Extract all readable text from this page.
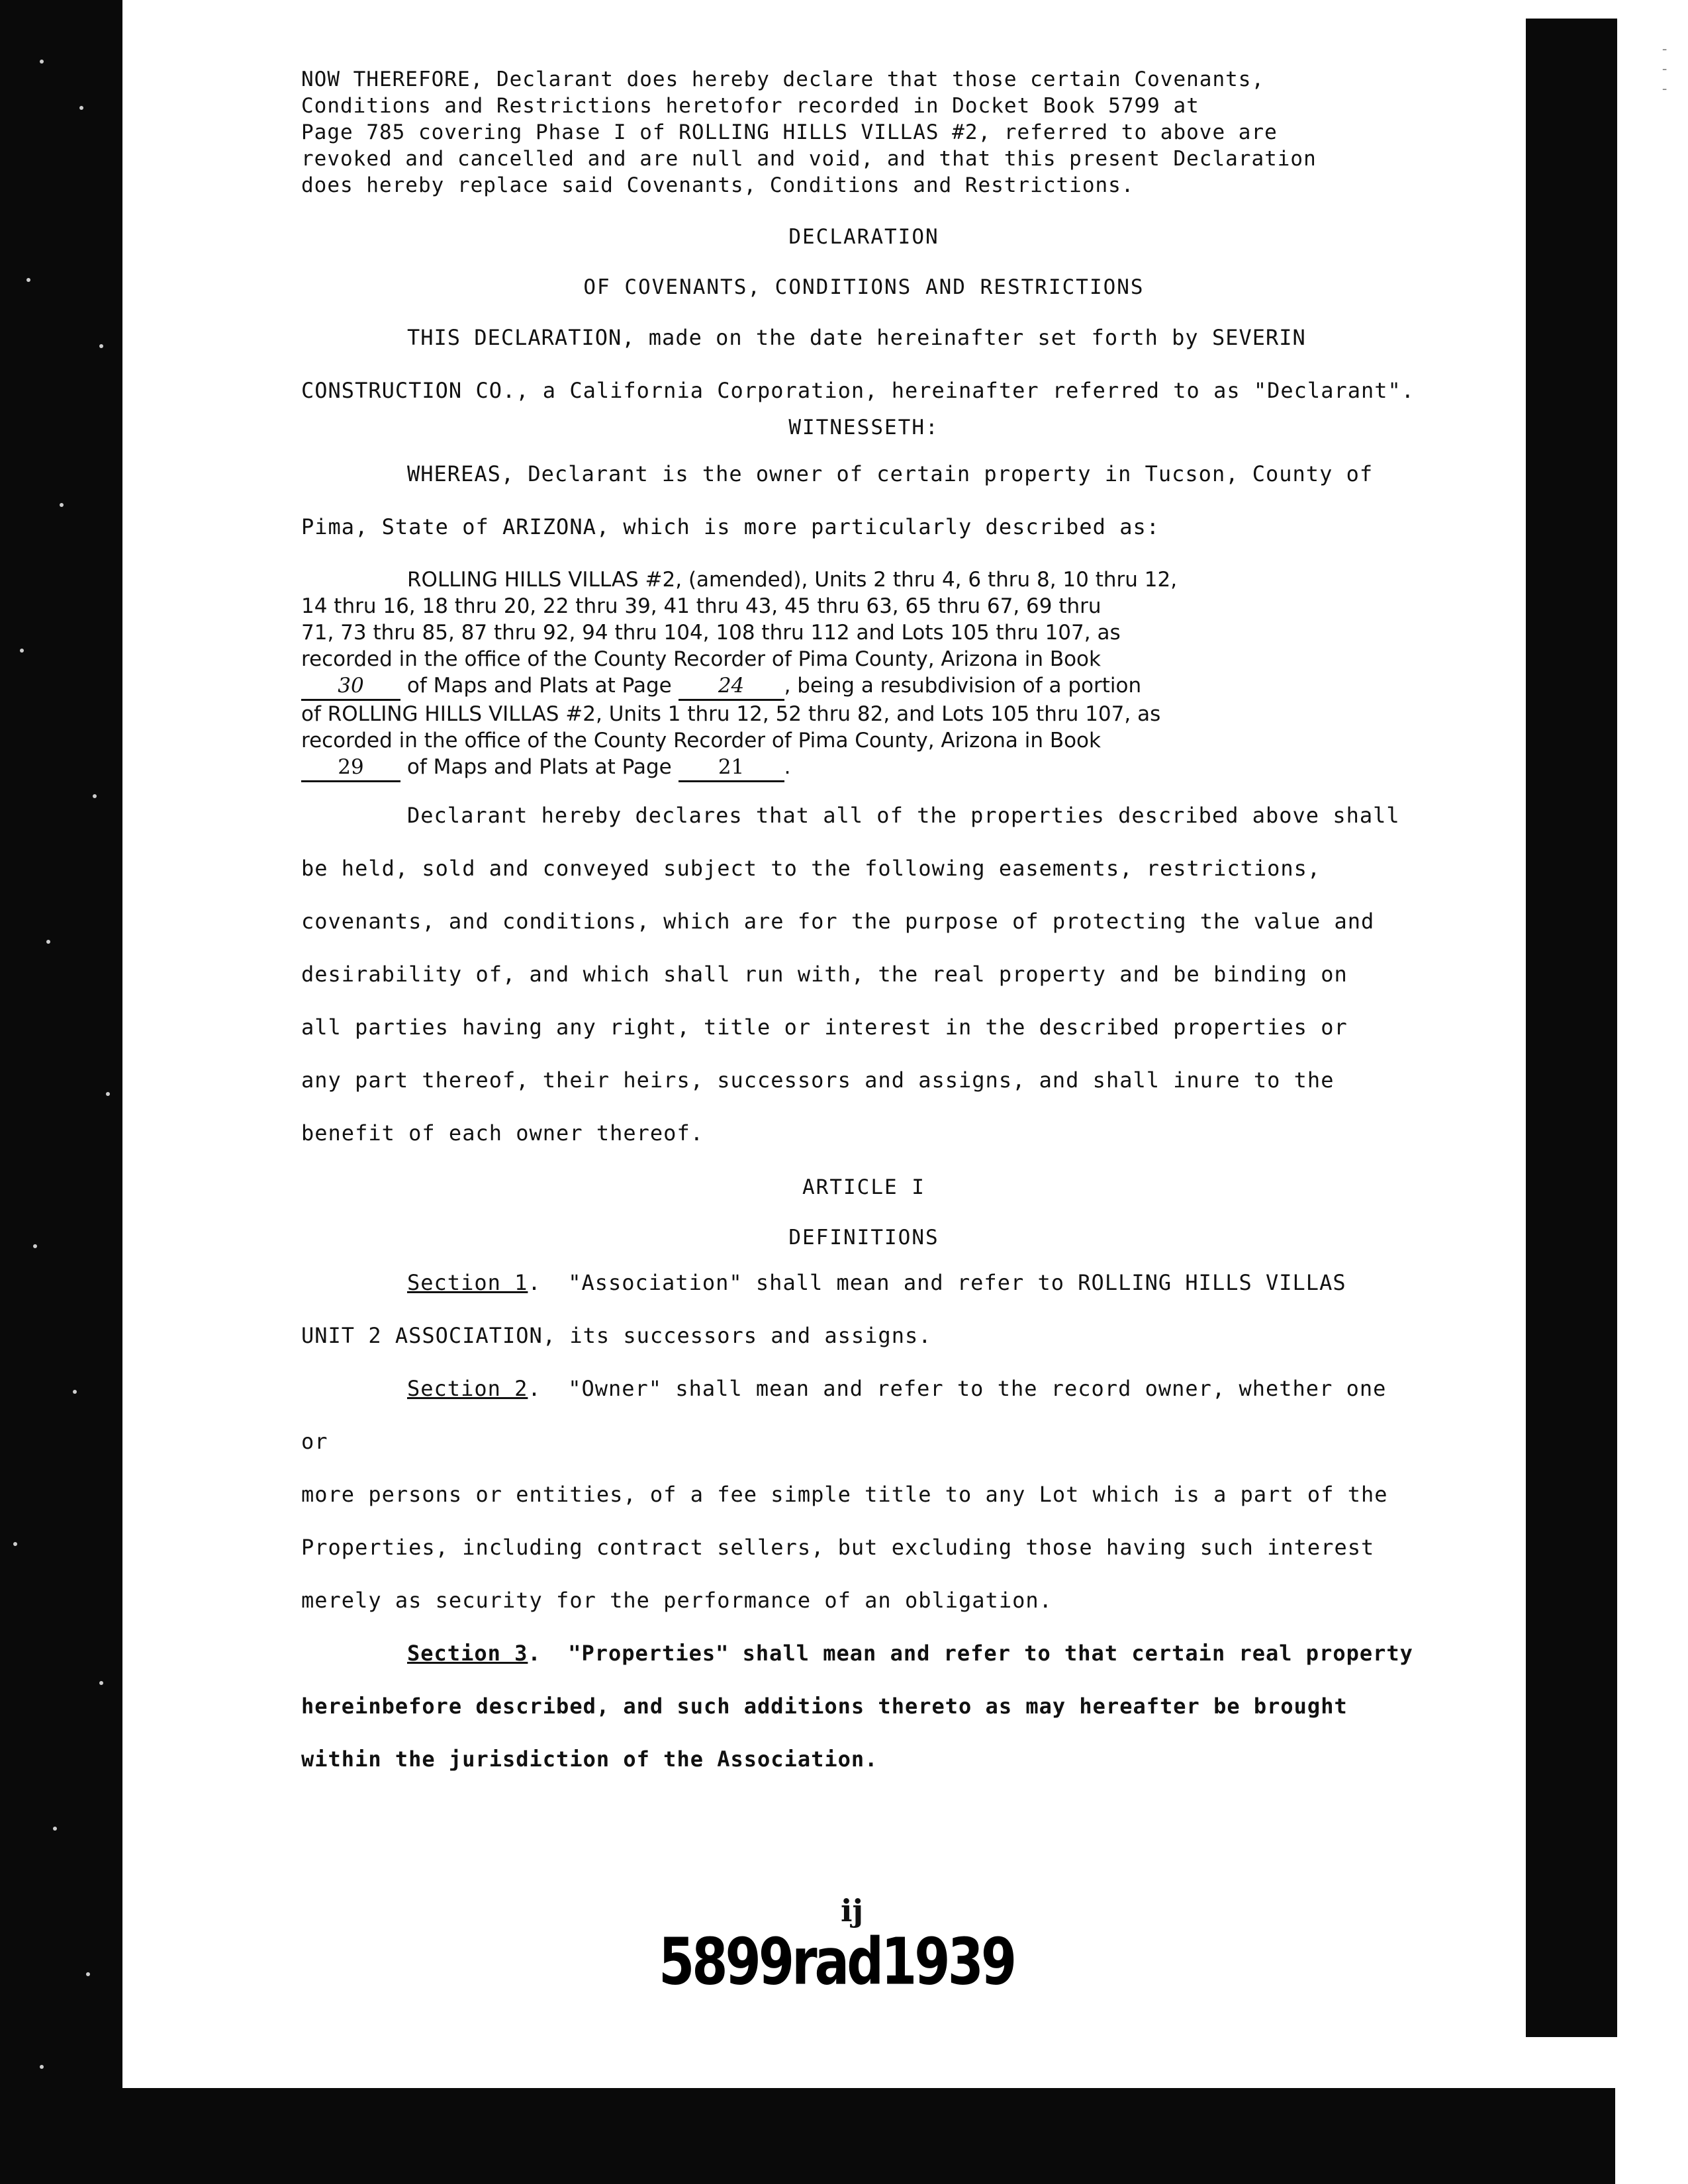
-
-
-
NOW THEREFORE, Declarant does hereby declare that those certain Covenants,
Conditions and Restrictions heretofor recorded in Docket Book 5799 at
Page 785 covering Phase I of ROLLING HILLS VILLAS #2, referred to above are
revoked and cancelled and are null and void, and that this present Declaration
does hereby replace said Covenants, Conditions and Restrictions.
DECLARATION
OF COVENANTS, CONDITIONS AND RESTRICTIONS

THIS DECLARATION, made on the date hereinafter set forth by SEVERIN

CONSTRUCTION CO., a California Corporation, hereinafter referred to as "Declarant".

WITNESSETH:

WHEREAS, Declarant is the owner of certain property in Tucson, County of

Pima, State of ARIZONA, which is more particularly described as:

ROLLING HILLS VILLAS #2, (amended), Units 2 thru 4, 6 thru 8, 10 thru 12,
14 thru 16, 18 thru 20, 22 thru 39, 41 thru 43, 45 thru 63, 65 thru 67, 69 thru
71, 73 thru 85, 87 thru 92, 94 thru 104, 108 thru 112 and Lots 105 thru 107, as
recorded in the office of the County Recorder of Pima County, Arizona in Book
30 of Maps and Plats at Page 24 , being a resubdivision of a portion
of ROLLING HILLS VILLAS #2, Units 1 thru 12, 52 thru 82, and Lots 105 thru 107, as
recorded in the office of the County Recorder of Pima County, Arizona in Book
29 of Maps and Plats at Page 21 .

Declarant hereby declares that all of the properties described above shall

be held, sold and conveyed subject to the following easements, restrictions,

covenants, and conditions, which are for the purpose of protecting the value and

desirability of, and which shall run with, the real property and be binding on

all parties having any right, title or interest in the described properties or

any part thereof, their heirs, successors and assigns, and shall inure to the

benefit of each owner thereof.

ARTICLE I
DEFINITIONS

Section 1.  "Association" shall mean and refer to ROLLING HILLS VILLAS

UNIT 2 ASSOCIATION, its successors and assigns.

Section 2.  "Owner" shall mean and refer to the record owner, whether one or

more persons or entities, of a fee simple title to any Lot which is a part of the

Properties, including contract sellers, but excluding those having such interest

merely as security for the performance of an obligation.

Section 3.  "Properties" shall mean and refer to that certain real property

hereinbefore described, and such additions thereto as may hereafter be brought

within the jurisdiction of the Association.

ij
5899rad1939
